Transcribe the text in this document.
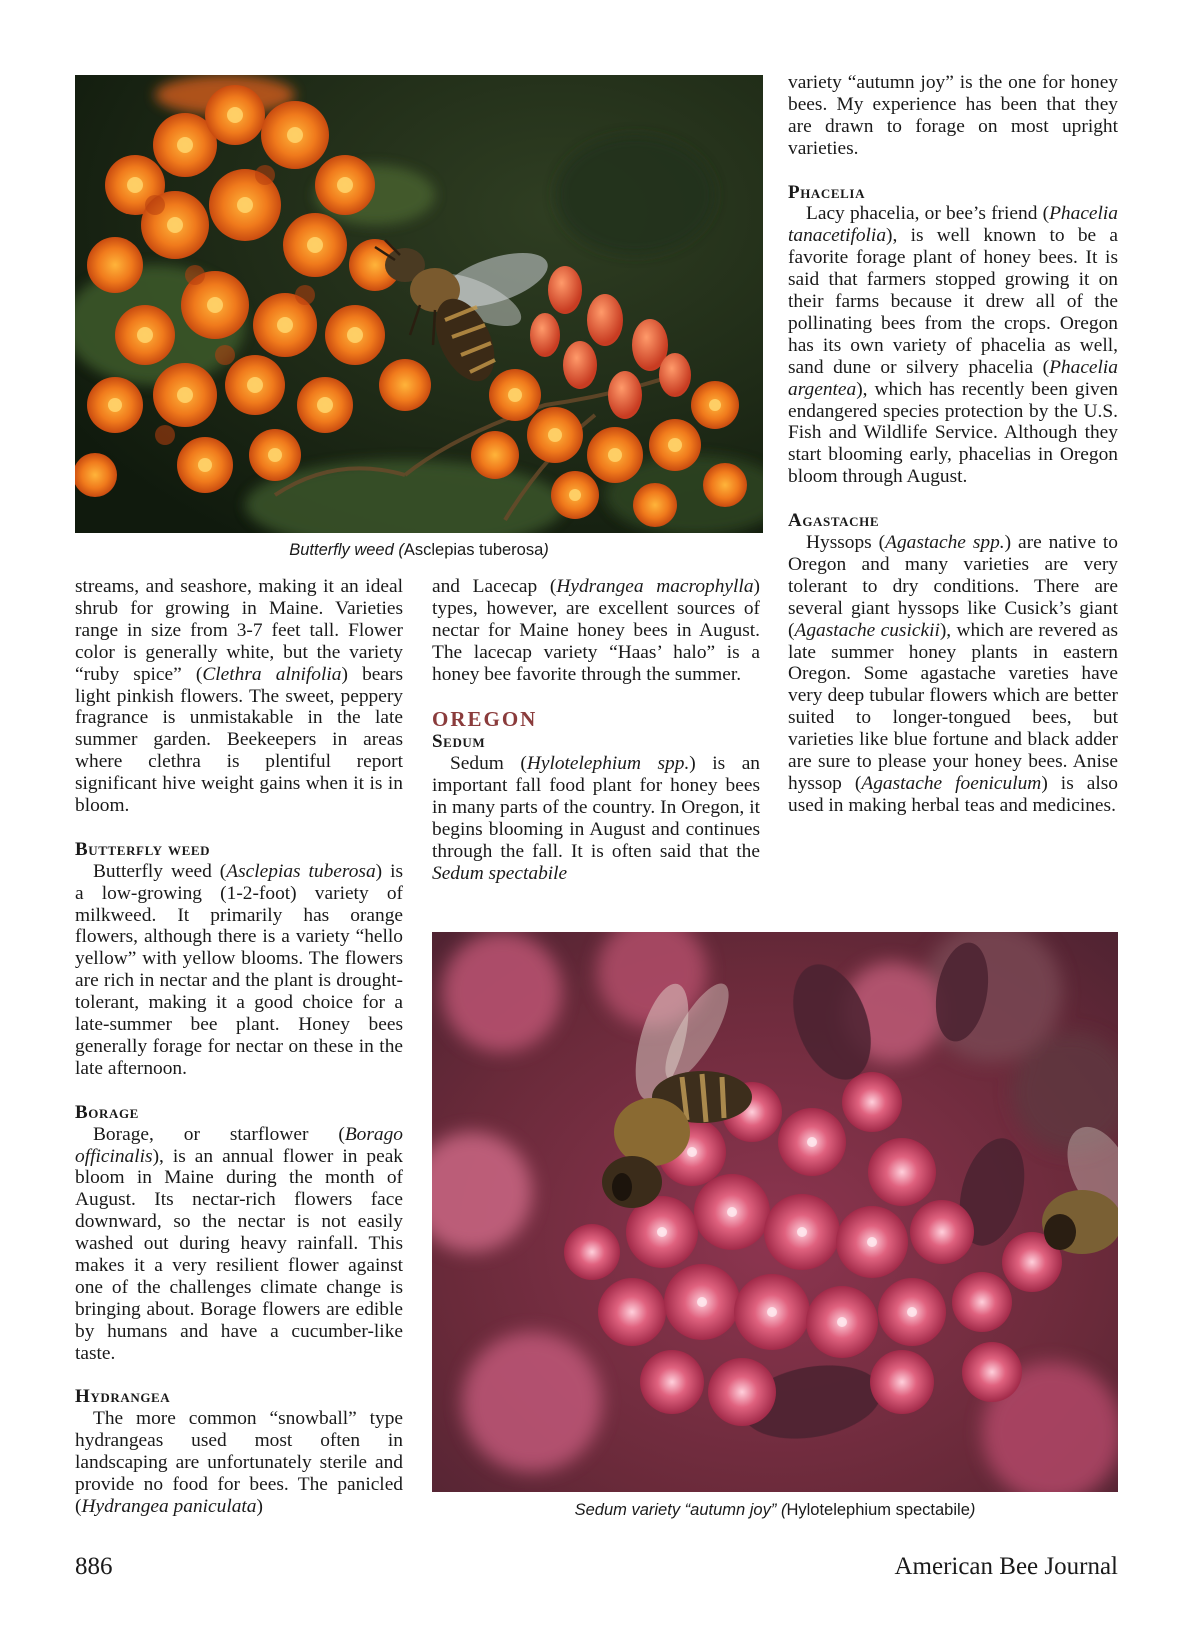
Butterfly weed (Asclepias tuberosa)
Sedum variety “autumn joy” (Hylotelephium spectabile)

streams, and seashore, making it an ideal shrub for growing in Maine. Varieties range in size from 3-7 feet tall. Flower color is generally white, but the variety “ruby spice” (Clethra alnifolia) bears light pinkish flowers. The sweet, peppery fragrance is unmistakable in the late summer garden. Beekeepers in areas where clethra is plentiful report significant hive weight gains when it is in bloom.

Butterfly weed

Butterfly weed (Asclepias tuberosa) is a low-growing (1-2-foot) variety of milkweed. It primarily has orange flowers, although there is a variety “hello yellow” with yellow blooms. The flowers are rich in nectar and the plant is drought-tolerant, making it a good choice for a late-summer bee plant. Honey bees generally forage for nectar on these in the late afternoon.

Borage

Borage, or starflower (Borago officinalis), is an annual flower in peak bloom in Maine during the month of August. Its nectar-rich flowers face downward, so the nectar is not easily washed out during heavy rainfall. This makes it a very resilient flower against one of the challenges climate change is bringing about. Borage flowers are edible by humans and have a cucumber-like taste.

Hydrangea

The more common “snowball” type hydrangeas used most often in landscaping are unfortunately sterile and provide no food for bees. The panicled (Hydrangea paniculata)

and Lacecap (Hydrangea macrophylla) types, however, are excellent sources of nectar for Maine honey bees in August. The lacecap variety “Haas’ halo” is a honey bee favorite through the summer.

OREGON

Sedum

Sedum (Hylotelephium spp.) is an important fall food plant for honey bees in many parts of the country. In Oregon, it begins blooming in August and continues through the fall. It is often said that the Sedum spectabile

variety “autumn joy” is the one for honey bees. My experience has been that they are drawn to forage on most upright varieties.

Phacelia

Lacy phacelia, or bee’s friend (Phacelia tanacetifolia), is well known to be a favorite forage plant of honey bees. It is said that farmers stopped growing it on their farms because it drew all of the pollinating bees from the crops. Oregon has its own variety of phacelia as well, sand dune or silvery phacelia (Phacelia argentea), which has recently been given endangered species protection by the U.S. Fish and Wildlife Service. Although they start blooming early, phacelias in Oregon bloom through August.

Agastache

Hyssops (Agastache spp.) are native to Oregon and many varieties are very tolerant to dry conditions. There are several giant hyssops like Cusick’s giant (Agastache cusickii), which are revered as late summer honey plants in eastern Oregon. Some agastache vareties have very deep tubular flowers which are better suited to longer-tongued bees, but varieties like blue fortune and black adder are sure to please your honey bees. Anise hyssop (Agastache foeniculum) is also used in making herbal teas and medicines.

886	American Bee Journal
